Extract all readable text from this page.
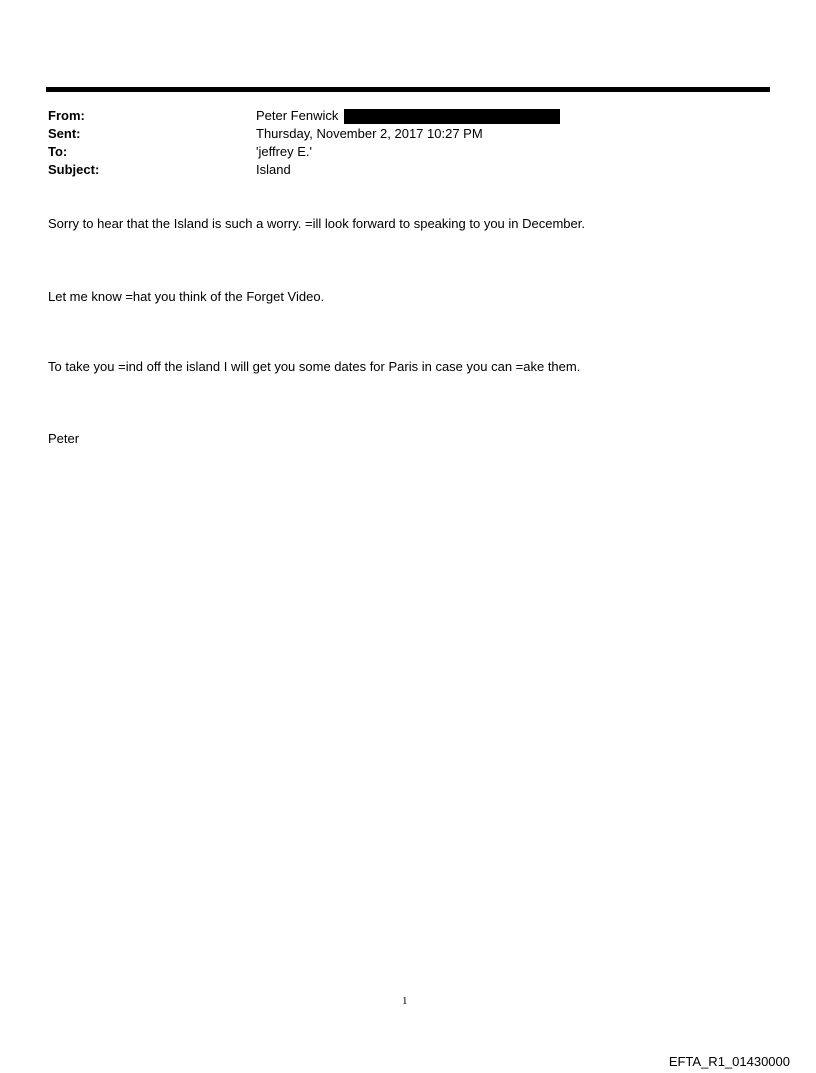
From:	Peter Fenwick
Sent:	Thursday, November 2, 2017 10:27 PM
To:	'jeffrey E.'
Subject:	Island
Sorry to hear that the Island is such a worry. =ill look forward to speaking to you in December.
Let me know =hat you think of the Forget Video.
To take you =ind off the island I will get you some dates for Paris in case you can =ake them.
Peter
1
EFTA_R1_01430000
